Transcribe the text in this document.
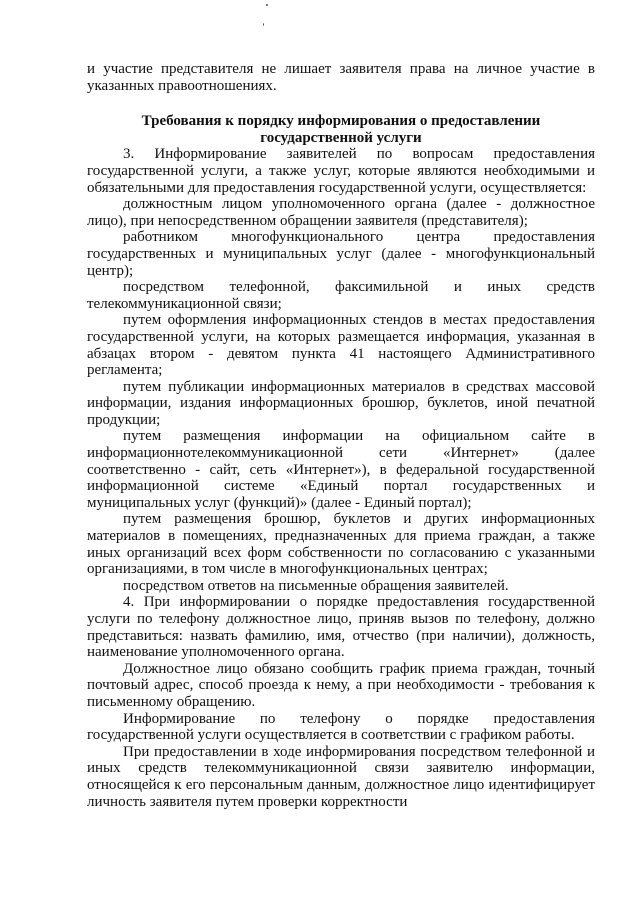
и участие представителя не лишает заявителя права на личное участие в указанных правоотношениях.

Требования к порядку информирования о предоставлении государственной услуги

3. Информирование заявителей по вопросам предоставления государственной услуги, а также услуг, которые являются необходимыми и обязательными для предоставления государственной услуги, осуществляется:

должностным лицом уполномоченного органа (далее - должностное лицо), при непосредственном обращении заявителя (представителя);

работником многофункционального центра предоставления государственных и муниципальных услуг (далее - многофункциональный центр);

посредством телефонной, факсимильной и иных средств телекоммуникационной связи;

путем оформления информационных стендов в местах предоставления государственной услуги, на которых размещается информация, указанная в абзацах втором - девятом пункта 41 настоящего Административного регламента;

путем публикации информационных материалов в средствах массовой информации, издания информационных брошюр, буклетов, иной печатной продукции;

путем размещения информации на официальном сайте в информационнотелекоммуникационной сети «Интернет» (далее соответственно - сайт, сеть «Интернет»), в федеральной государственной информационной системе «Единый портал государственных и муниципальных услуг (функций)» (далее - Единый портал);

путем размещения брошюр, буклетов и других информационных материалов в помещениях, предназначенных для приема граждан, а также иных организаций всех форм собственности по согласованию с указанными организациями, в том числе в многофункциональных центрах;

посредством ответов на письменные обращения заявителей.

4. При информировании о порядке предоставления государственной услуги по телефону должностное лицо, приняв вызов по телефону, должно представиться: назвать фамилию, имя, отчество (при наличии), должность, наименование уполномоченного органа.

Должностное лицо обязано сообщить график приема граждан, точный почтовый адрес, способ проезда к нему, а при необходимости - требования к письменному обращению.

Информирование по телефону о порядке предоставления государственной услуги осуществляется в соответствии с графиком работы.

При предоставлении в ходе информирования посредством телефонной и иных средств телекоммуникационной связи заявителю информации, относящейся к его персональным данным, должностное лицо идентифицирует личность заявителя путем проверки корректности
